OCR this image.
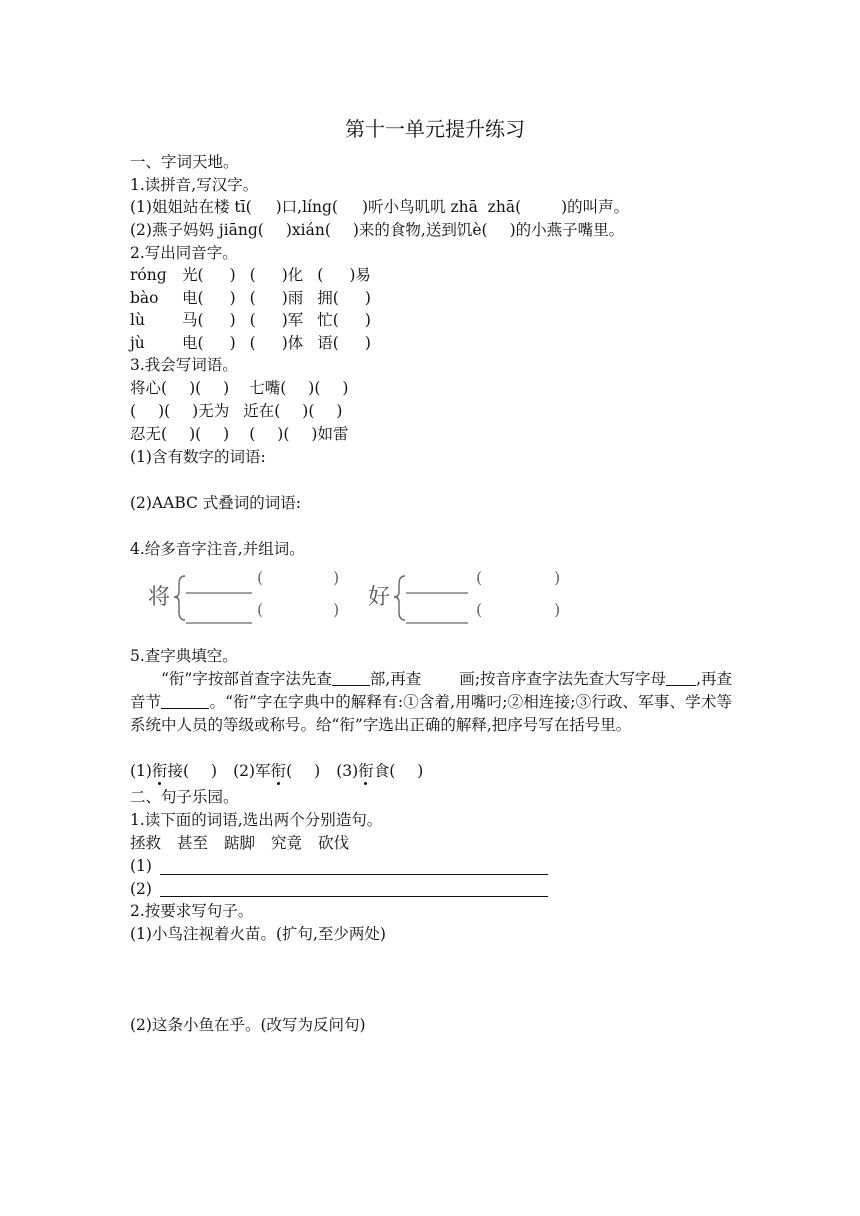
第十一单元提升练习
一、字词天地。
1.读拼音,写汉字。
(1)姐姐站在楼 tī( )口,línɡ( )听小鸟叽叽 zhā  zhā(	)的叫声。
(2)燕子妈妈 jiānɡ( )xián( )来的食物,送到饥è( )的小燕子嘴里。
2.写出同音字。
rónɡ 光( ) ( )化 ( )易
bào 电( ) ( )雨 拥( )
lù 马( ) ( )军 忙( )
jù 电( ) ( )体 语( )
3.我会写词语。
将心( )( ) 七嘴( )( )
( )( )无为 近在( )( )
忍无( )( ) ( )( )如雷
(1)含有数字的词语:
(2)AABC 式叠词的词语:
4.给多音字注音,并组词。
将
(	)
(	) 好
(	)
(	)
5.查字典填空。
“衔”字按部首查字法先查 部,再查 画;按音序查字法先查大写字母 ,再查音节	。“衔”字在字典中的解释有:①含着,用嘴叼;②相连接;③行政、军事、学术等系统中人员的等级或称号。给“衔”字选出正确的解释,把序号写在括号里。
(1)衔接( ) (2)军衔( ) (3)衔食( )
二、句子乐园。
1.读下面的词语,选出两个分别造句。
拯救 甚至 踮脚 究竟 砍伐
(1)
(2)
2.按要求写句子。
(1)小鸟注视着火苗。(扩句,至少两处)
(2)这条小鱼在乎。(改写为反问句)
